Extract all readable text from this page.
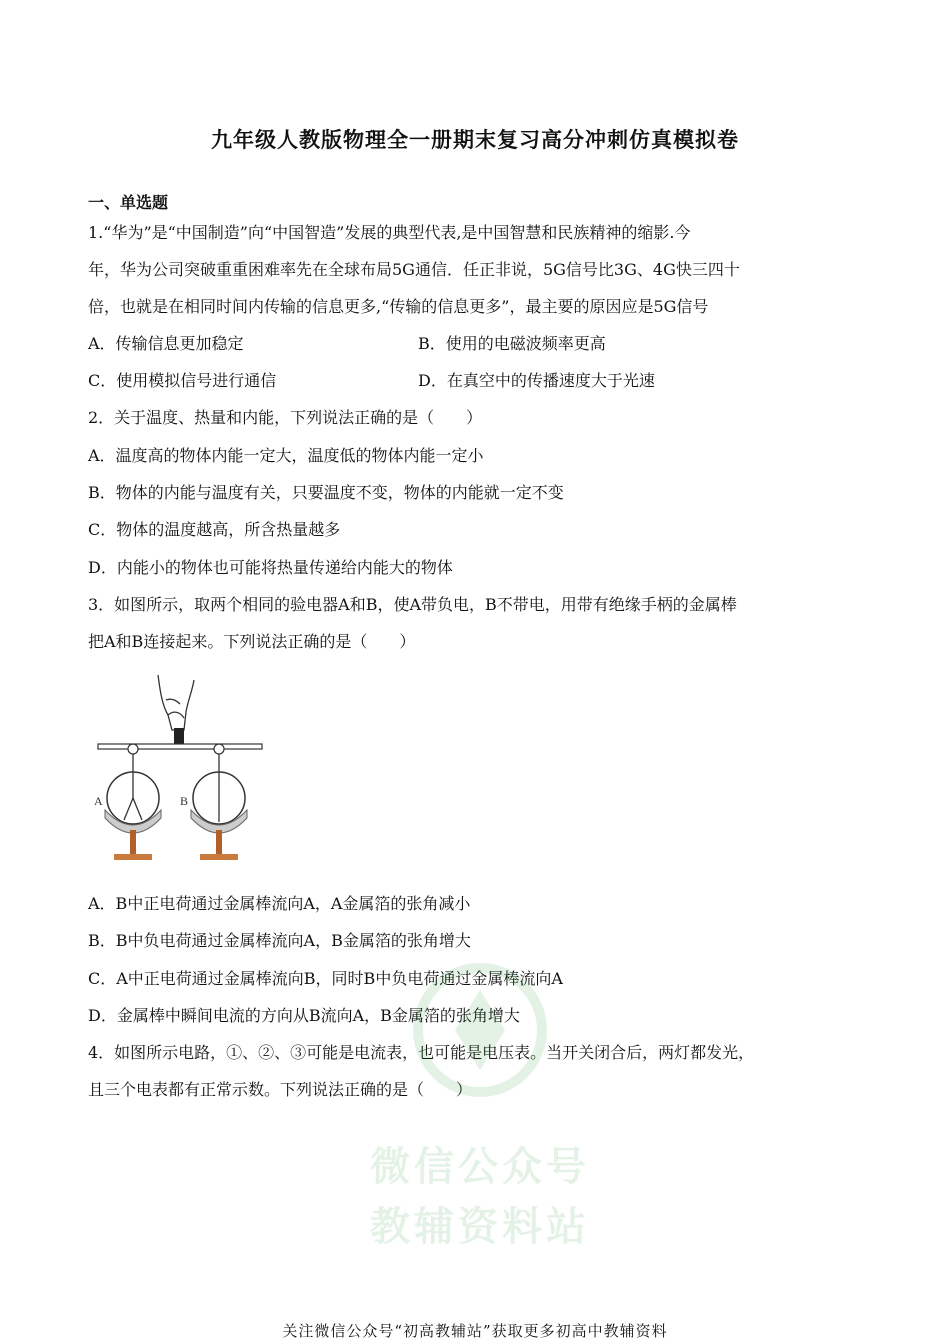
九年级人教版物理全一册期末复习高分冲刺仿真模拟卷
一、单选题
1.“华为”是“中国制造”向“中国智造”发展的典型代表,是中国智慧和民族精神的缩影.今
年，华为公司突破重重困难率先在全球布局5G通信．任正非说，5G信号比3G、4G快三四十
倍，也就是在相同时间内传输的信息更多,“传输的信息更多”，最主要的原因应是5G信号
A．传输信息更加稳定	B．使用的电磁波频率更高
C．使用模拟信号进行通信	D．在真空中的传播速度大于光速
2．关于温度、热量和内能，下列说法正确的是（　　）
A．温度高的物体内能一定大，温度低的物体内能一定小
B．物体的内能与温度有关，只要温度不变，物体的内能就一定不变
C．物体的温度越高，所含热量越多
D．内能小的物体也可能将热量传递给内能大的物体
3．如图所示，取两个相同的验电器A和B，使A带负电，B不带电，用带有绝缘手柄的金属棒
把A和B连接起来。下列说法正确的是（　　）
A	B
A．B中正电荷通过金属棒流向A，A金属箔的张角减小
B．B中负电荷通过金属棒流向A，B金属箔的张角增大
C．A中正电荷通过金属棒流向B，同时B中负电荷通过金属棒流向A
D．金属棒中瞬间电流的方向从B流向A，B金属箔的张角增大
4．如图所示电路，①、②、③可能是电流表，也可能是电压表。当开关闭合后，两灯都发光，
且三个电表都有正常示数。下列说法正确的是（　　）
微信公众号
教辅资料站
关注微信公众号“初高教辅站”获取更多初高中教辅资料
